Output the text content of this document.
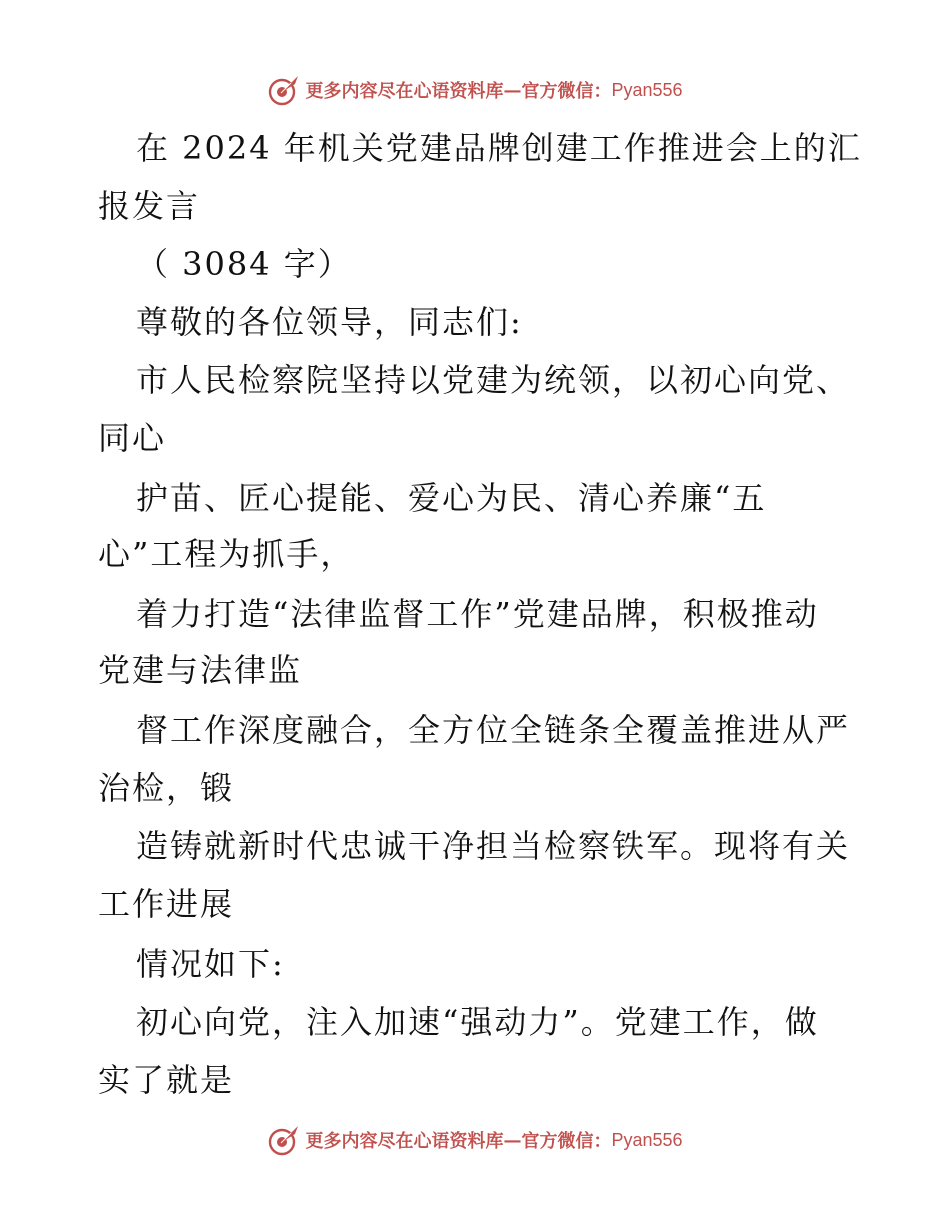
更多内容尽在心语资料库 — 官方微信： Pyan556
在 2024 年机关党建品牌创建工作推进会上的汇
报发言
（ 3084 字）
尊敬的各位领导，同志们:
市人民检察院坚持以党建为统领，以初心向党、
同心
护苗、匠心提能、爱心为民、清心养廉“五
心”工程为抓手，
着力打造“法律监督工作”党建品牌，积极推动
党建与法律监
督工作深度融合，全方位全链条全覆盖推进从严
治检，锻
造铸就新时代忠诚干净担当检察铁军。现将有关
工作进展
情况如下:
初心向党，注入加速“强动力”。党建工作，做
实了就是
更多内容尽在心语资料库 — 官方微信： Pyan556
